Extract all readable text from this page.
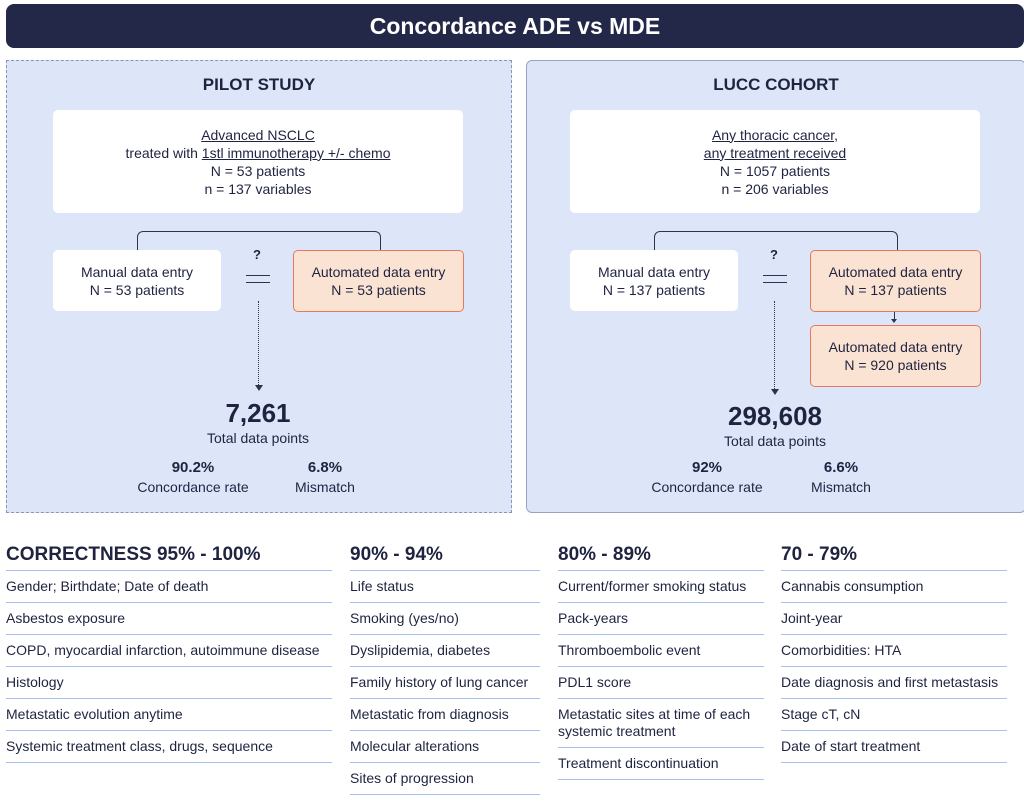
Concordance ADE vs MDE
PILOT STUDY
Advanced NSCLC
treated with 1stl immunotherapy +/- chemo
N = 53 patients
n = 137 variables
Manual data entry
N = 53 patients
?
Automated data entry
N = 53 patients
7,261
Total data points
90.2%
Concordance rate
6.8%
Mismatch
LUCC COHORT
Any thoracic cancer,
any treatment received
N = 1057 patients
n = 206 variables
Manual data entry
N = 137 patients
?
Automated data entry
N = 137 patients
Automated data entry
N = 920 patients
298,608
Total data points
92%
Concordance rate
6.6%
Mismatch
CORRECTNESS 95% - 100%
Gender; Birthdate; Date of death
Asbestos exposure
COPD, myocardial infarction, autoimmune disease
Histology
Metastatic evolution anytime
Systemic treatment class, drugs, sequence
90% - 94%
Life status
Smoking (yes/no)
Dyslipidemia, diabetes
Family history of lung cancer
Metastatic from diagnosis
Molecular alterations
Sites of progression
80% - 89%
Current/former smoking status
Pack-years
Thromboembolic event
PDL1 score
Metastatic sites at time of each systemic treatment
Treatment discontinuation
70 - 79%
Cannabis consumption
Joint-year
Comorbidities: HTA
Date diagnosis and first metastasis
Stage cT, cN
Date of start treatment
